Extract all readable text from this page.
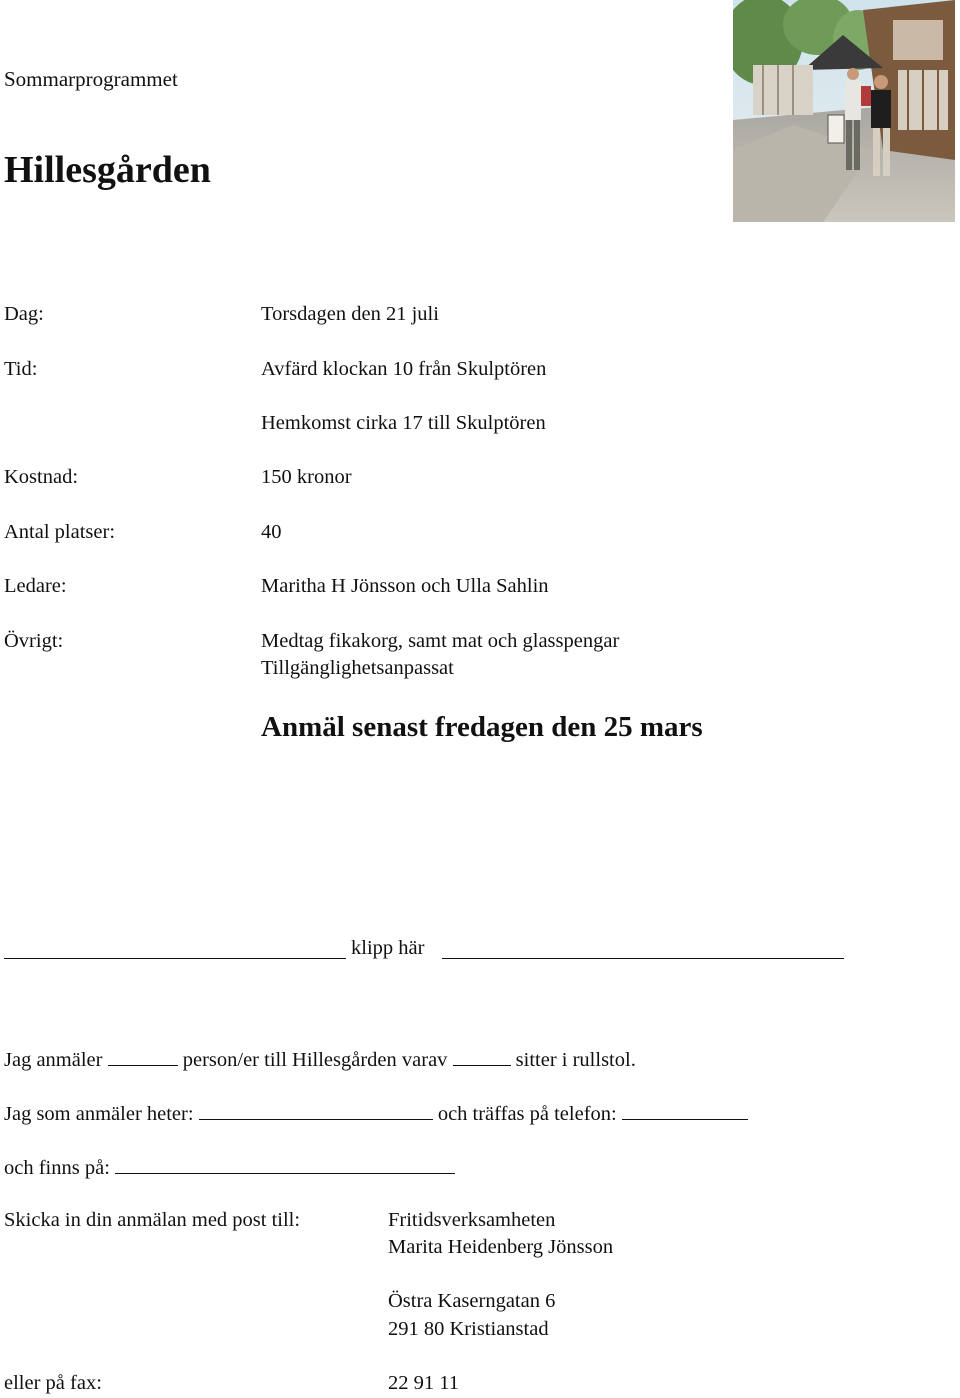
Sommarprogrammet
Hillesgården
Dag:	Torsdagen den 21 juli
Tid:	Avfärd klockan 10 från Skulptören
Hemkomst cirka 17 till Skulptören
Kostnad:	150 kronor
Antal platser:	40
Ledare:	Maritha H Jönsson och Ulla Sahlin
Övrigt:	Medtag fikakorg, samt mat och glasspengar
Tillgänglighetsanpassat
Anmäl senast fredagen den 25 mars
klipp här
Jag anmäler	person/er till Hillesgården varav	sitter i rullstol.
Jag som anmäler heter:	och träffas på telefon:
och finns på:
Skicka in din anmälan med post till:	Fritidsverksamheten
Marita Heidenberg Jönsson
Östra Kaserngatan 6
291 80 Kristianstad
eller på fax:	22 91 11
